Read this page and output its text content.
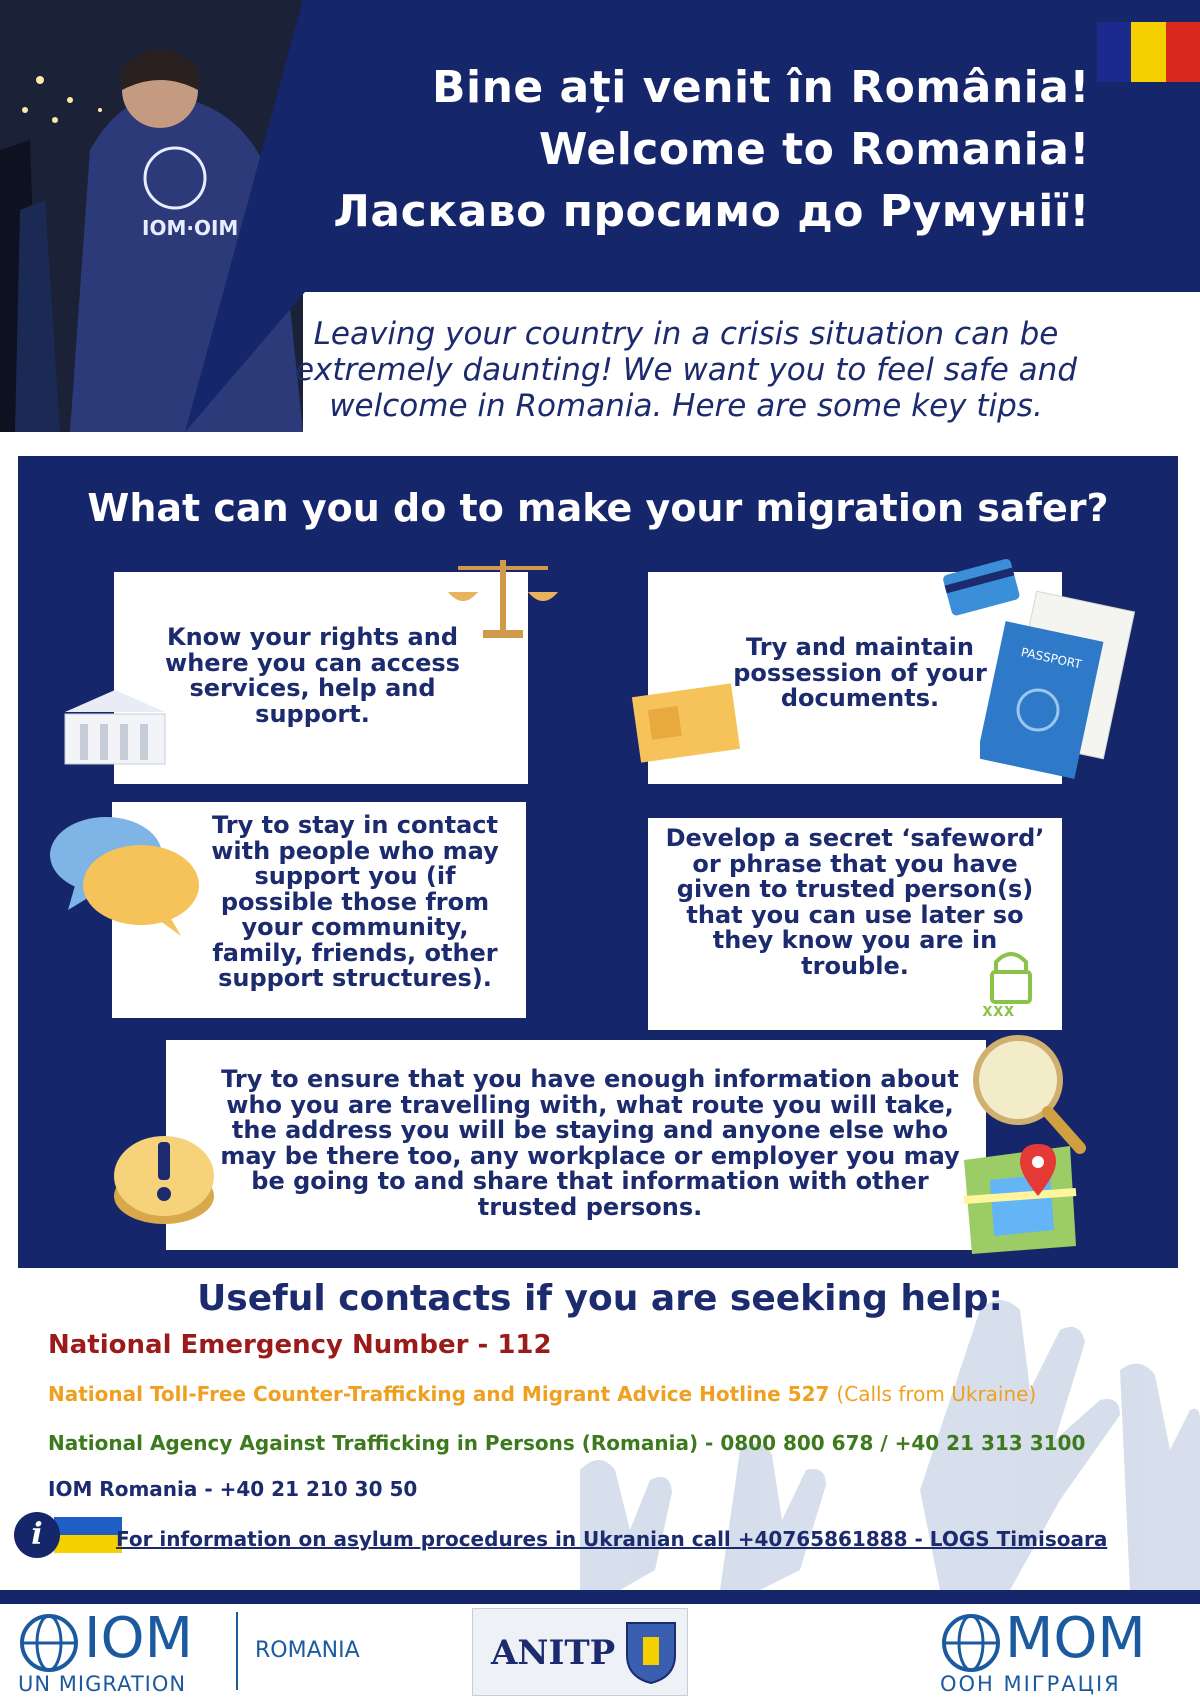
IOM·OIM
Bine ați venit în România!
Welcome to Romania!
Ласкаво просимо до Румунії!
Leaving your country in a crisis situation can be extremely daunting! We want you to feel safe and welcome in Romania. Here are some key tips.
What can you do to make your migration safer?
Know your rights and where you can access services, help and support.
Try and maintain possession of your documents.
PASSPORT
Try to stay in contact with people who may support you (if possible those from your community, family, friends, other support structures).
Develop a secret ‘safeword’ or phrase that you have given to trusted person(s) that you can use later so they know you are in trouble.
xxx
Try to ensure that you have enough information about who you are travelling with, what route you will take, the address you will be staying and anyone else who may be there too, any workplace or employer you may be going to and share that information with other trusted persons.
Useful contacts if you are seeking help:
National Emergency Number - 112
National Toll-Free Counter-Trafficking and Migrant Advice Hotline 527 (Calls from Ukraine)
National Agency Against Trafficking in Persons (Romania) - 0800 800 678 / +40 21 313 3100
IOM Romania - +40 21 210 30 50
i	For information on asylum procedures in Ukranian call +40765861888 - LOGS Timisoara
IOM
UN MIGRATION
ROMANIA	ANITP	MOM
ООН МІГРАЦІЯ
